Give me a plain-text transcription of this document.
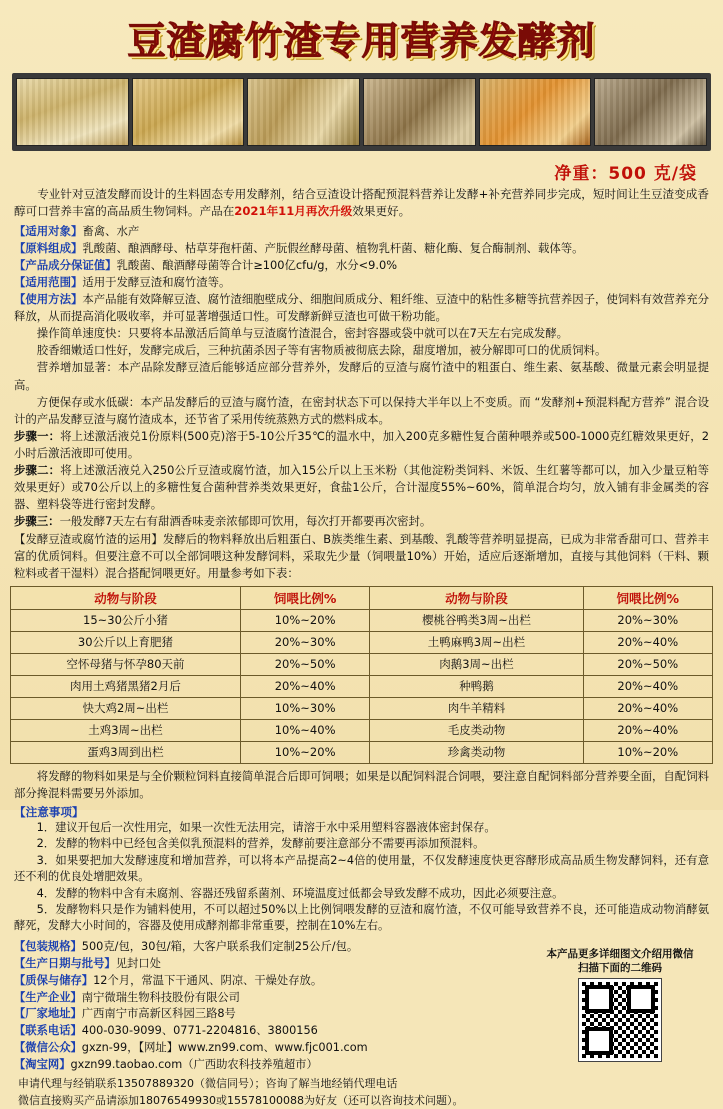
豆渣腐竹渣专用营养发酵剂
净重：500 克/袋
专业针对豆渣发酵而设计的生料固态专用发酵剂，结合豆渣设计搭配预混料营养让发酵+补充营养同步完成，短时间让生豆渣变成香醇可口营养丰富的高品质生物饲料。产品在2021年11月再次升级效果更好。
【适用对象】畜禽、水产
【原料组成】乳酸菌、酿酒酵母、枯草芽孢杆菌、产朊假丝酵母菌、植物乳杆菌、糖化酶、复合酶制剂、载体等。
【产品成分保证值】乳酸菌、酿酒酵母菌等合计≥100亿cfu/g，水分<9.0%
【适用范围】适用于发酵豆渣和腐竹渣等。
【使用方法】本产品能有效降解豆渣、腐竹渣细胞壁成分、细胞间质成分、粗纤维、豆渣中的粘性多糖等抗营养因子，使饲料有效营养充分释放，从而提高消化吸收率，并可显著增强适口性。可发酵新鲜豆渣也可做干粉功能。
操作简单速度快：只要将本品激活后简单与豆渣腐竹渣混合，密封容器或袋中就可以在7天左右完成发酵。
胶香细嫩适口性好，发酵完成后，三种抗菌杀因子等有害物质被彻底去除，甜度增加，被分解即可口的优质饲料。
营养增加显著：本产品除发酵豆渣后能够适应部分营养外，发酵后的豆渣与腐竹渣中的粗蛋白、维生素、氨基酸、微量元素会明显提高。
方便保存或水低碳：本产品发酵后的豆渣与腐竹渣，在密封状态下可以保持大半年以上不变质。而 “发酵剂+预混料配方营养” 混合设计的产品发酵豆渣与腐竹渣成本，还节省了采用传统蒸熟方式的燃料成本。
步骤一：将上述激活液兑1份原料(500克)溶于5-10公斤35℃的温水中，加入200克多糖性复合菌种喂养或500-1000克红糖效果更好，2小时后激活液即可使用。
步骤二：将上述激活液兑入250公斤豆渣或腐竹渣，加入15公斤以上玉米粉（其他淀粉类饲料、米饭、生红薯等都可以，加入少量豆粕等效果更好）或70公斤以上的多糖性复合菌种营养类效果更好，食盐1公斤，合计湿度55%~60%，简单混合均匀，放入铺有非金属类的容器、塑料袋等进行密封发酵。
步骤三：一般发酵7天左右有甜酒香味麦亲浓郁即可饮用，每次打开都要再次密封。
【发酵豆渣或腐竹渣的运用】发酵后的物料释放出后粗蛋白、B族类维生素、到基酸、乳酸等营养明显提高，已成为非常香甜可口、营养丰富的优质饲料。但要注意不可以全部饲喂这种发酵饲料，采取先少量（饲喂量10%）开始，适应后逐渐增加，直接与其他饲料（干料、颗粒料或者干湿料）混合搭配饲喂更好。用量参考如下表：
动物与阶段	饲喂比例%	动物与阶段	饲喂比例%
15~30公斤小猪	10%~20%	樱桃谷鸭类3周~出栏	20%~30%
30公斤以上育肥猪	20%~30%	土鸭麻鸭3周~出栏	20%~40%
空怀母猪与怀孕80天前	20%~50%	肉鹅3周~出栏	20%~50%
肉用土鸡猪黑猪2月后	20%~40%	种鸭鹅	20%~40%
快大鸡2周~出栏	10%~30%	肉牛羊精料	20%~40%
土鸡3周~出栏	10%~40%	毛皮类动物	20%~40%
蛋鸡3周到出栏	10%~20%	珍禽类动物	10%~20%
将发酵的物料如果是与全价颗粒饲料直接简单混合后即可饲喂；如果是以配饲料混合饲喂，要注意自配饲料部分营养要全面，自配饲料部分搀混料需要另外添加。
【注意事项】
1．建议开包后一次性用完，如果一次性无法用完，请溶于水中采用塑料容器液体密封保存。
2．发酵的物料中已经包含美似乳预混料的营养，发酵前要注意部分不需要再添加预混料。
3．如果要把加大发酵速度和增加营养，可以将本产品提高2~4倍的使用量，不仅发酵速度快更容酵形成高品质生物发酵饲料，还有意还不利的优良处增肥效果。
4．发酵的物料中含有未腐剂、容器还残留系菌剂、环境温度过低都会导致发酵不成功，因此必须要注意。
5．发酵物料只是作为铺料使用，不可以超过50%以上比例饲喂发酵的豆渣和腐竹渣，不仅可能导致营养不良，还可能造成动物消酵氨酵死，发酵大小时间的，容器及使用成酵剂都非常重要，控制在10%左右。
【包装规格】500克/包，30包/箱，大客户联系我们定制25公斤/包。
【生产日期与批号】见封口处
【质保与储存】12个月，常温下干通风、阴凉、干燥处存放。
【生产企业】南宁微瑞生物科技股份有限公司
【厂家地址】广西南宁市高新区科园三路8号
【联系电话】400-030-9099、0771-2204816、3800156
【微信公众】gxzn-99，【网址】www.zn99.com、www.fjc001.com
【淘宝网】gxzn99.taobao.com（广西助农科技养殖超市）
本产品更多详细图文介绍用微信扫描下面的二维码
申请代理与经销联系13507889320（微信同号）；咨询了解当地经销代理电话
微信直接购买产品请添加18076549930或15578100088为好友（还可以咨询技术问题）。
